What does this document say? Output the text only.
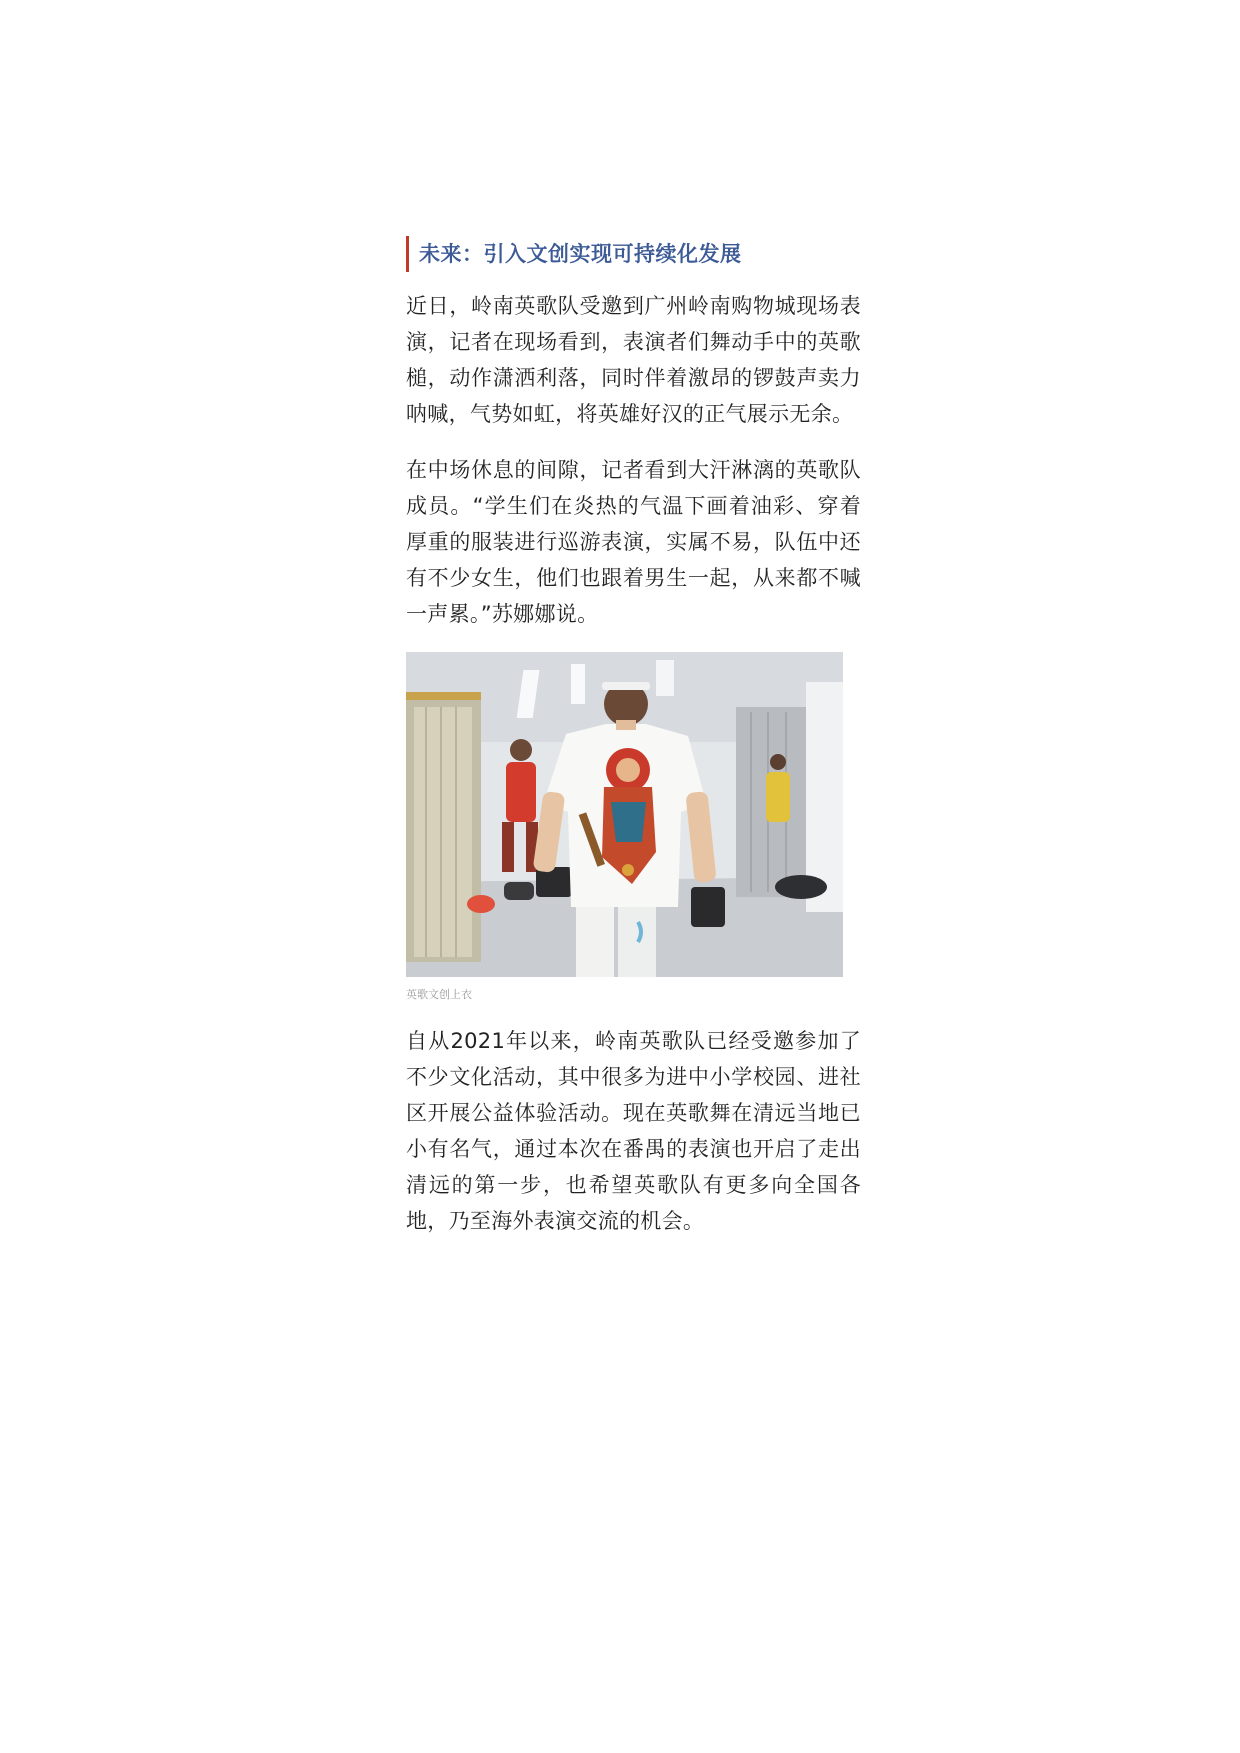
未来：引入文创实现可持续化发展

近日，岭南英歌队受邀到广州岭南购物城现场表演，记者在现场看到，表演者们舞动手中的英歌槌，动作潇洒利落，同时伴着激昂的锣鼓声卖力呐喊，气势如虹，将英雄好汉的正气展示无余。

在中场休息的间隙，记者看到大汗淋漓的英歌队成员。“学生们在炎热的气温下画着油彩、穿着厚重的服装进行巡游表演，实属不易，队伍中还有不少女生，他们也跟着男生一起，从来都不喊一声累。”苏娜娜说。

英歌文创上衣

自从2021年以来，岭南英歌队已经受邀参加了不少文化活动，其中很多为进中小学校园、进社区开展公益体验活动。现在英歌舞在清远当地已小有名气，通过本次在番禺的表演也开启了走出清远的第一步，也希望英歌队有更多向全国各地，乃至海外表演交流的机会。
